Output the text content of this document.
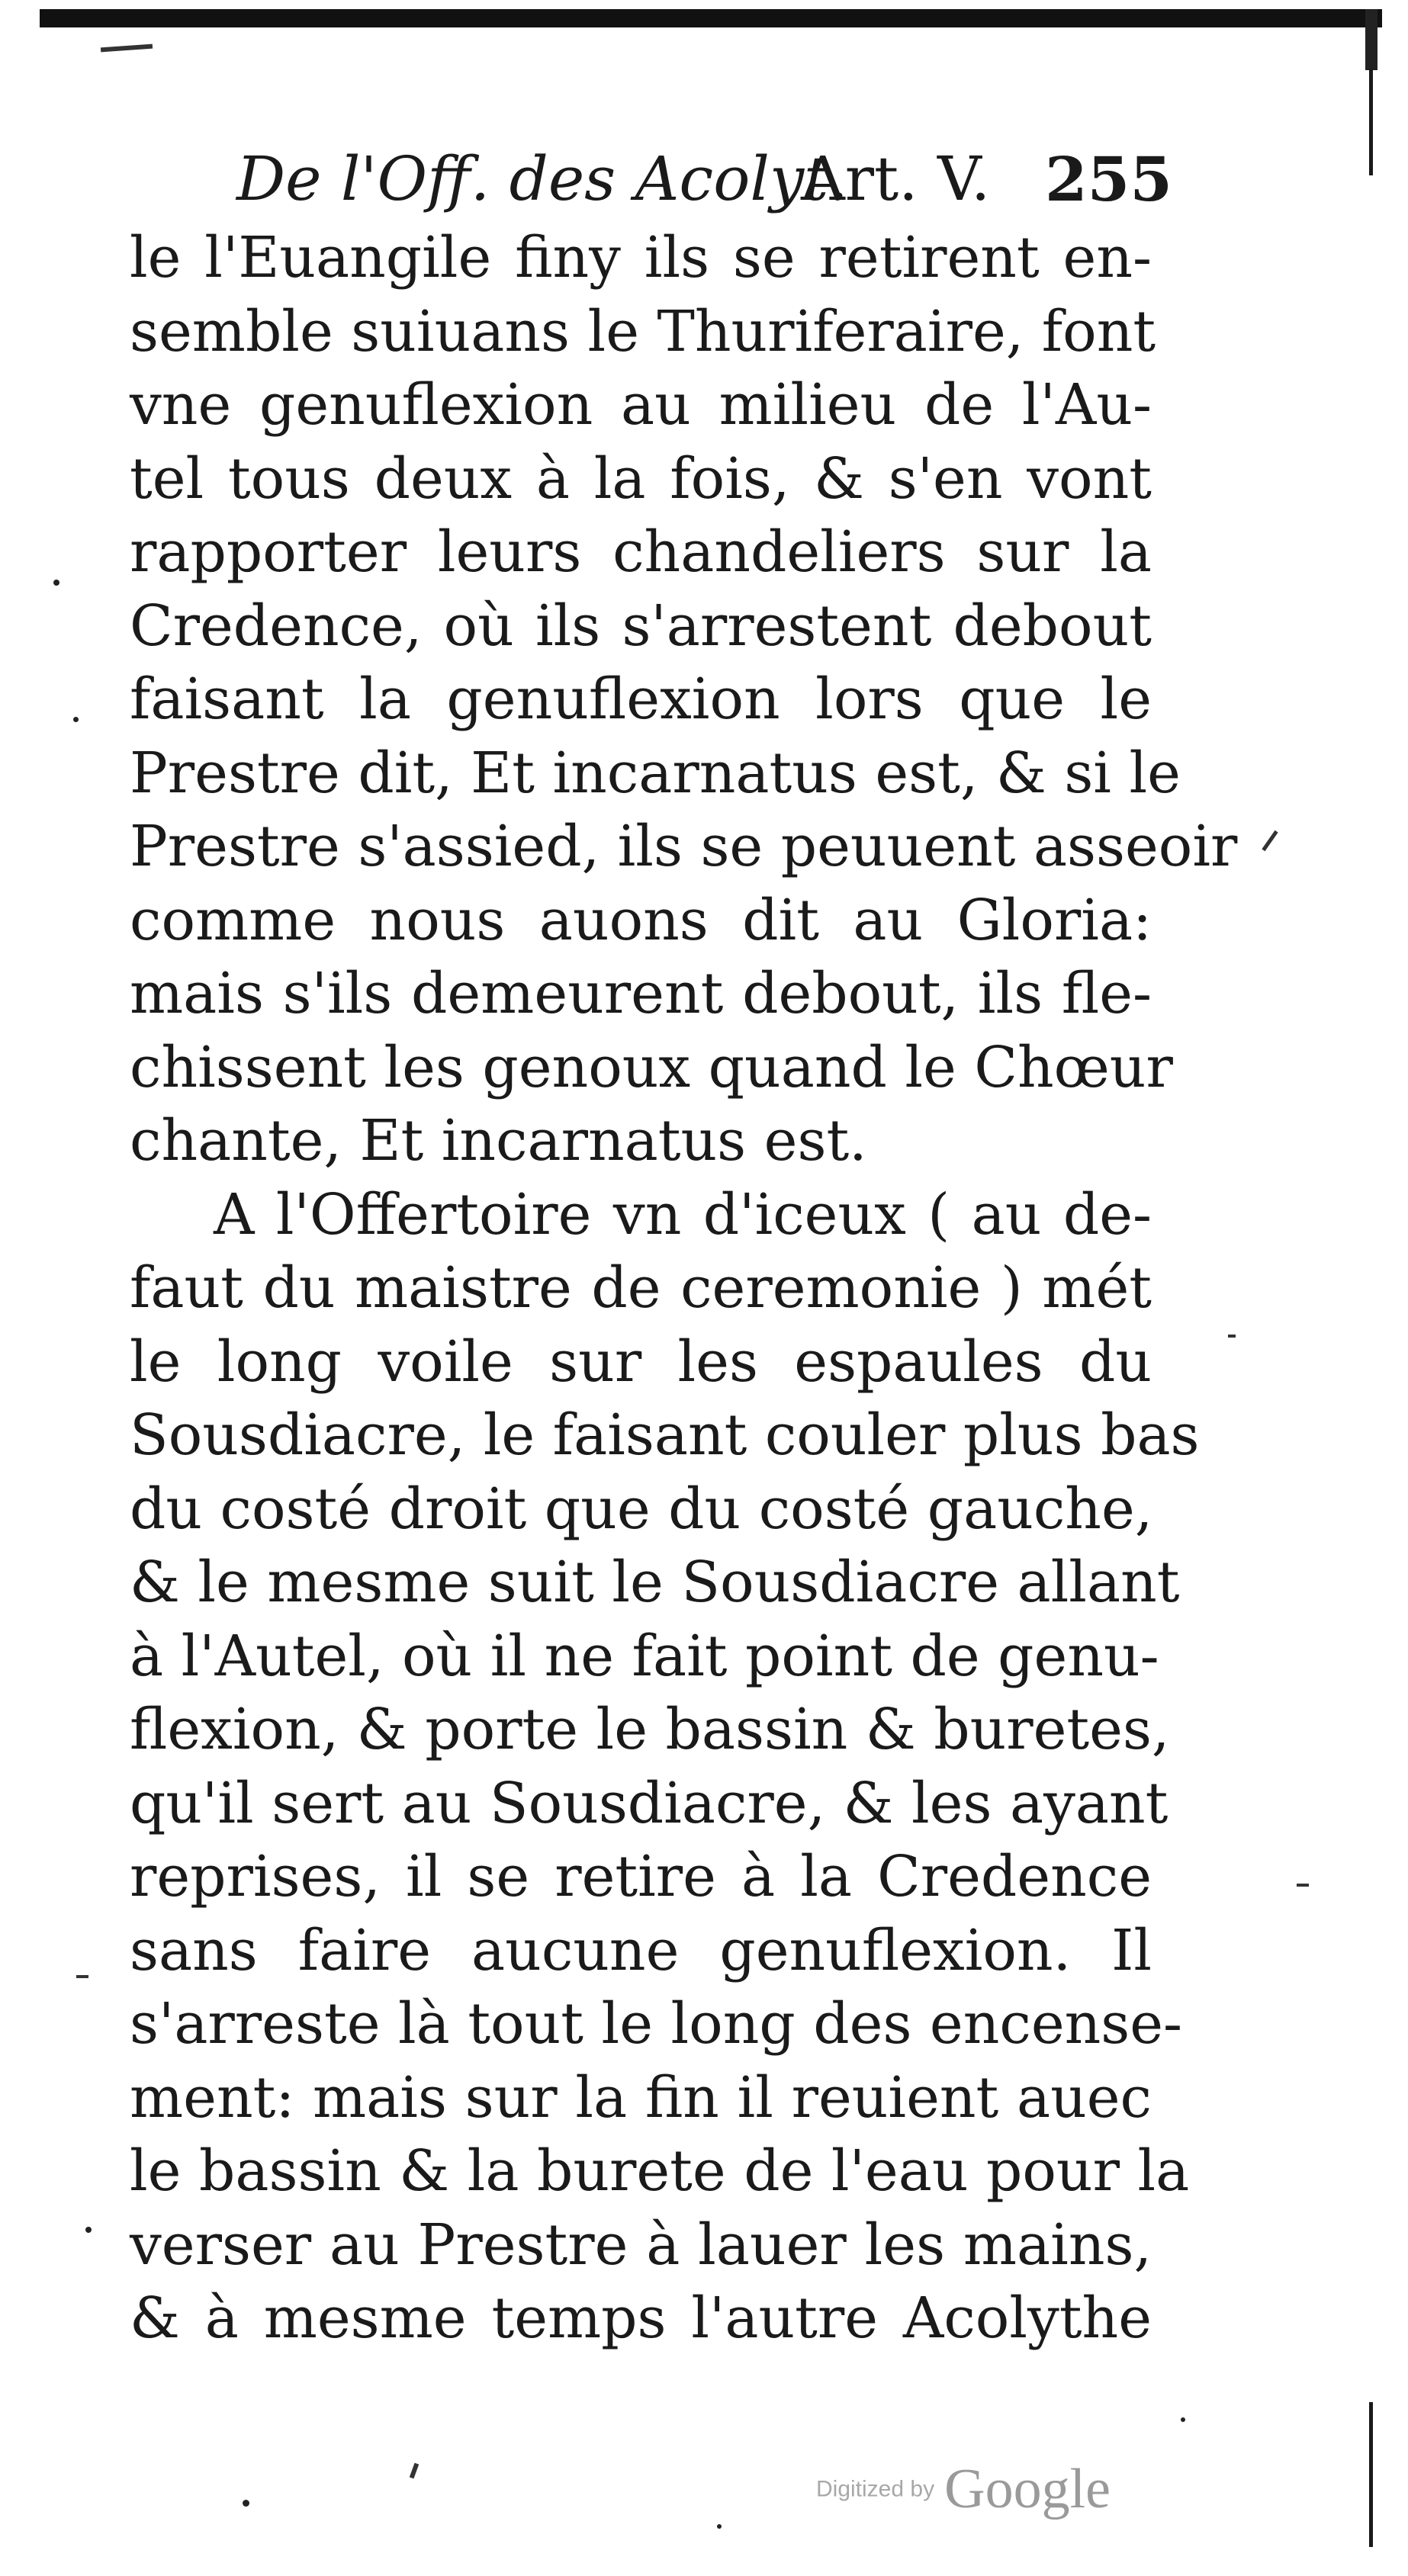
De l'Off. des Acolyt.
Art. V. 255
le l'Euangile finy ils se retirent en-
semble suiuans le Thuriferaire, font
vne genuflexion au milieu de l'Au-
tel tous deux à la fois, & s'en vont
rapporter leurs chandeliers sur la
Credence, où ils s'arrestent debout
faisant la genuflexion lors que le
Prestre dit, Et incarnatus est, & si le
Prestre s'assied, ils se peuuent asseoir
comme nous auons dit au Gloria:
mais s'ils demeurent debout, ils fle-
chissent les genoux quand le Chœur
chante, Et incarnatus est.
A l'Offertoire vn d'iceux ( au de-
faut du maistre de ceremonie ) mét
le long voile sur les espaules du
Sousdiacre, le faisant couler plus bas
du costé droit que du costé gauche,
& le mesme suit le Sousdiacre allant
à l'Autel, où il ne fait point de genu-
flexion, & porte le bassin & buretes,
qu'il sert au Sousdiacre, & les ayant
reprises, il se retire à la Credence
sans faire aucune genuflexion. Il
s'arreste là tout le long des encense-
ment: mais sur la fin il reuient auec
le bassin & la burete de l'eau pour la
verser au Prestre à lauer les mains,
& à mesme temps l'autre Acolythe
Digitized by Google
